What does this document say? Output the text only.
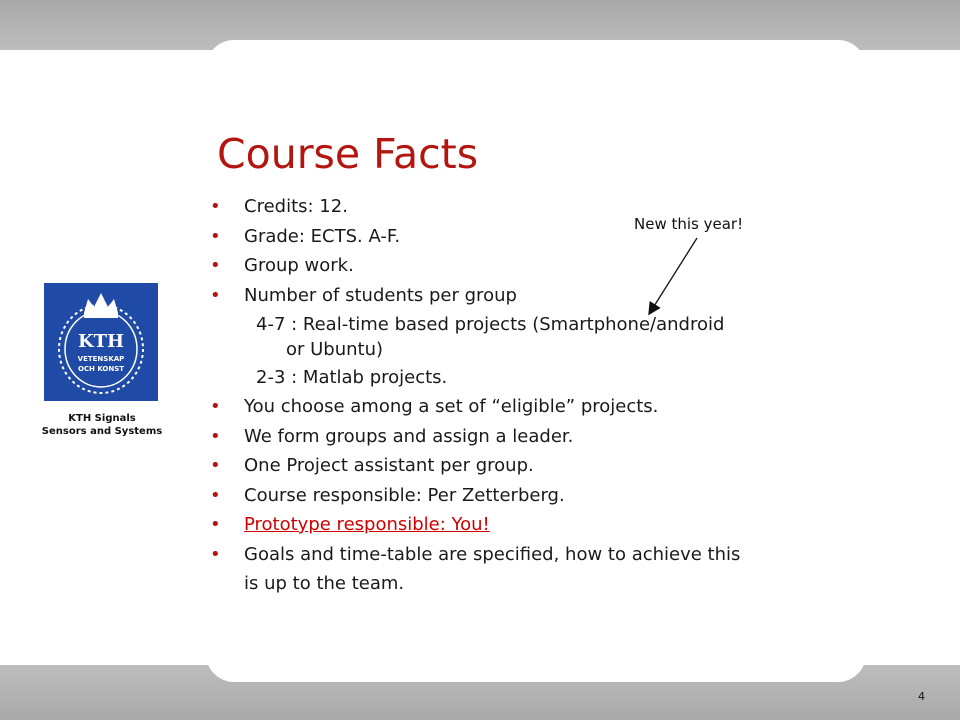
Course Facts
• Credits: 12.
• Grade: ECTS. A-F.
• Group work.
• Number of students per group
4-7 : Real-time based projects (Smartphone/android
or Ubuntu)
2-3 : Matlab projects.
• You choose among a set of “eligible” projects.
• We form groups and assign a leader.
• One Project assistant per group.
• Course responsible: Per Zetterberg.
• Prototype responsible: You!
• Goals and time-table are specified, how to achieve this
is up to the team.
New this year!
KTH
VETENSKAP
OCH KONST
KTH Signals
Sensors and Systems
4
